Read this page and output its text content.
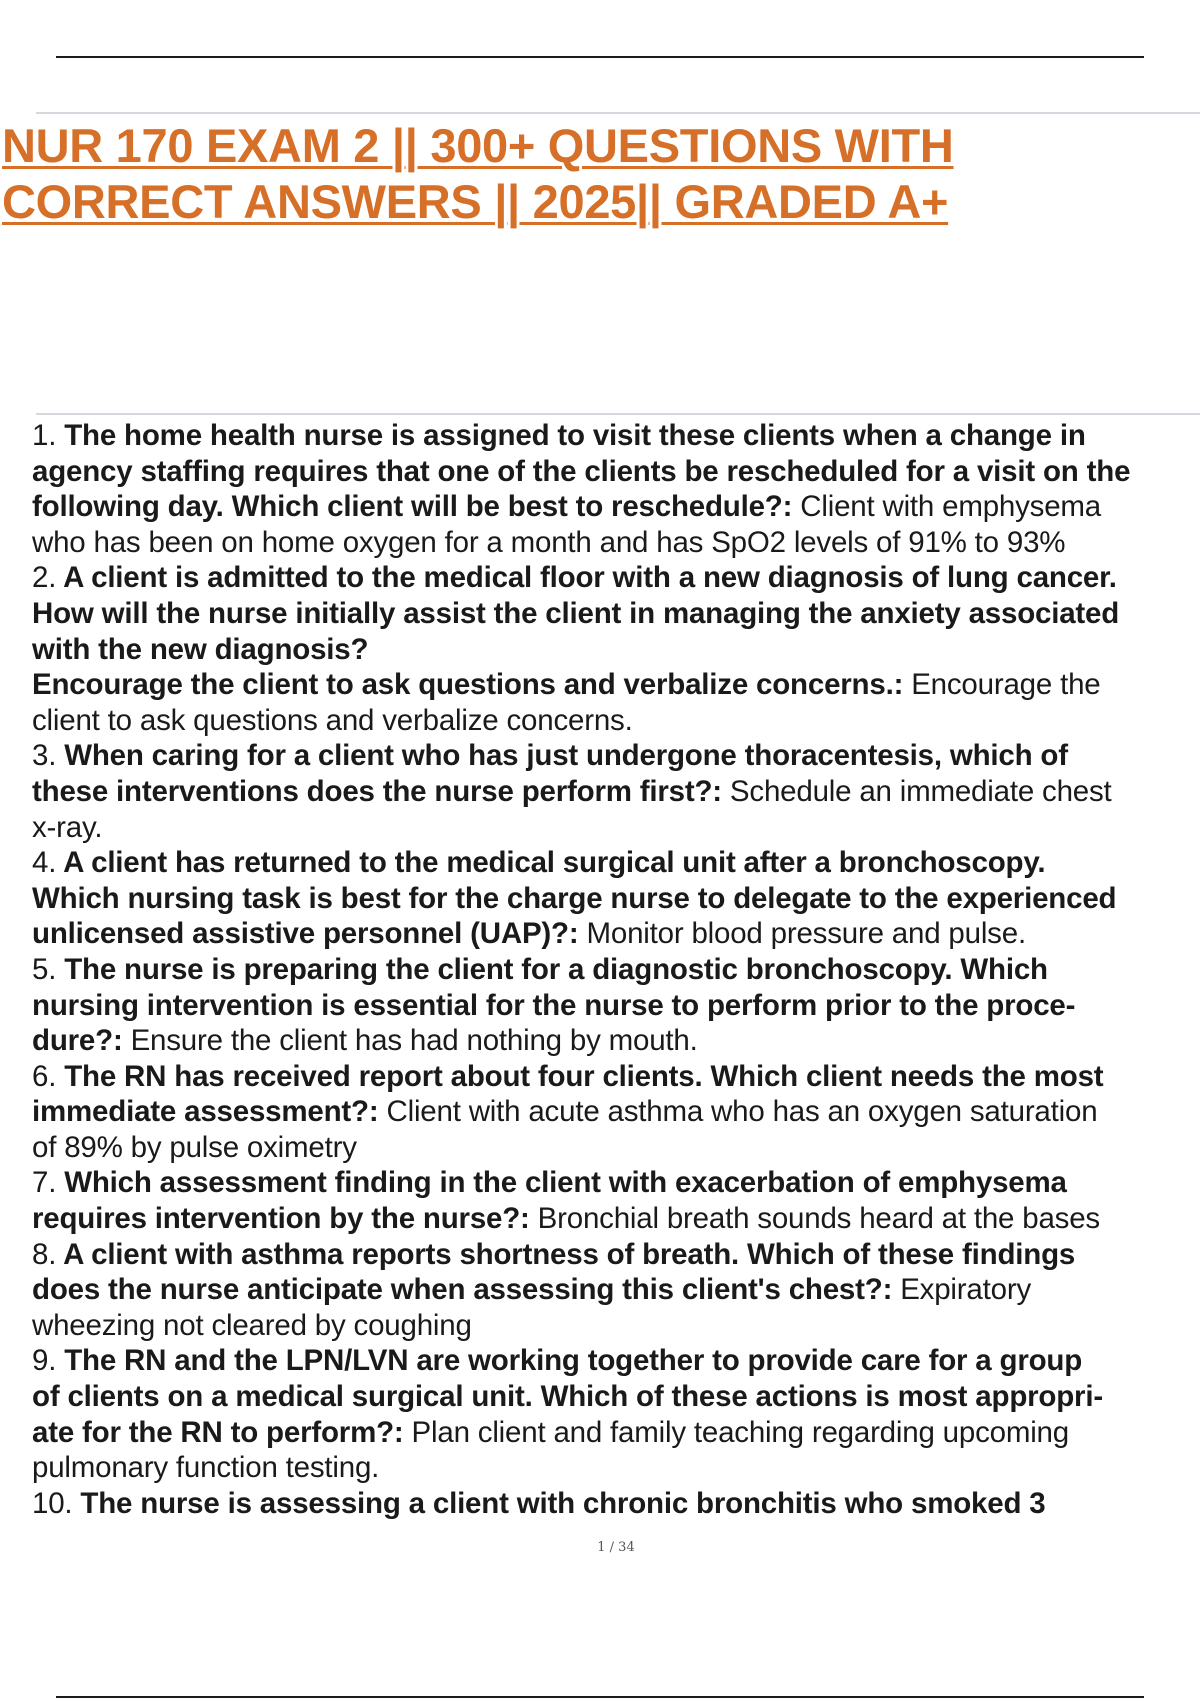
NUR 170 EXAM 2 || 300+ QUESTIONS WITH
CORRECT ANSWERS || 2025|| GRADED A+
1. The home health nurse is assigned to visit these clients when a change in
agency staffing requires that one of the clients be rescheduled for a visit on the
following day. Which client will be best to reschedule?: Client with emphysema
who has been on home oxygen for a month and has SpO2 levels of 91% to 93%
2. A client is admitted to the medical floor with a new diagnosis of lung cancer.
How will the nurse initially assist the client in managing the anxiety associated
with the new diagnosis?
Encourage the client to ask questions and verbalize concerns.: Encourage the
client to ask questions and verbalize concerns.
3. When caring for a client who has just undergone thoracentesis, which of
these interventions does the nurse perform first?: Schedule an immediate chest
x-ray.
4. A client has returned to the medical surgical unit after a bronchoscopy.
Which nursing task is best for the charge nurse to delegate to the experienced
unlicensed assistive personnel (UAP)?: Monitor blood pressure and pulse.
5. The nurse is preparing the client for a diagnostic bronchoscopy. Which
nursing intervention is essential for the nurse to perform prior to the proce-
dure?: Ensure the client has had nothing by mouth.
6. The RN has received report about four clients. Which client needs the most
immediate assessment?: Client with acute asthma who has an oxygen saturation
of 89% by pulse oximetry
7. Which assessment finding in the client with exacerbation of emphysema
requires intervention by the nurse?: Bronchial breath sounds heard at the bases
8. A client with asthma reports shortness of breath. Which of these findings
does the nurse anticipate when assessing this client's chest?: Expiratory
wheezing not cleared by coughing
9. The RN and the LPN/LVN are working together to provide care for a group
of clients on a medical surgical unit. Which of these actions is most appropri-
ate for the RN to perform?: Plan client and family teaching regarding upcoming
pulmonary function testing.
10. The nurse is assessing a client with chronic bronchitis who smoked 3
1 / 34
